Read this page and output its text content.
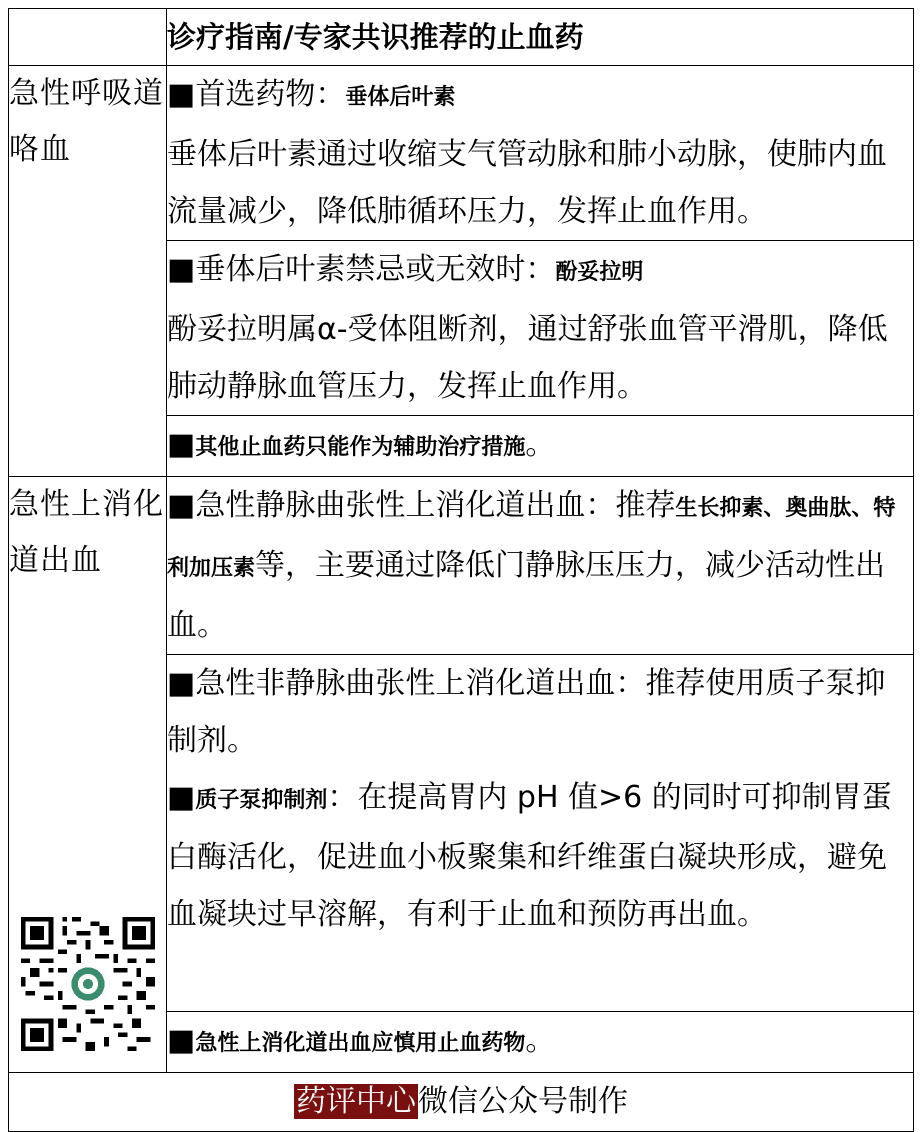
	诊疗指南/专家共识推荐的止血药
急性呼吸道咯血	■首选药物：垂体后叶素
垂体后叶素通过收缩支气管动脉和肺小动脉，使肺内血流量减少，降低肺循环压力，发挥止血作用。
	■垂体后叶素禁忌或无效时：酚妥拉明
酚妥拉明属α-受体阻断剂，通过舒张血管平滑肌，降低肺动静脉血管压力，发挥止血作用。
	■其他止血药只能作为辅助治疗措施。
急性上消化道出血	■急性静脉曲张性上消化道出血：推荐生长抑素、奥曲肽、特利加压素等，主要通过降低门静脉压压力，减少活动性出血。
	■急性非静脉曲张性上消化道出血：推荐使用质子泵抑制剂。
■质子泵抑制剂：在提高胃内 pH 值>6 的同时可抑制胃蛋白酶活化，促进血小板聚集和纤维蛋白凝块形成，避免血凝块过早溶解，有利于止血和预防再出血。
	■急性上消化道出血应慎用止血药物。
药评中心微信公众号制作	
